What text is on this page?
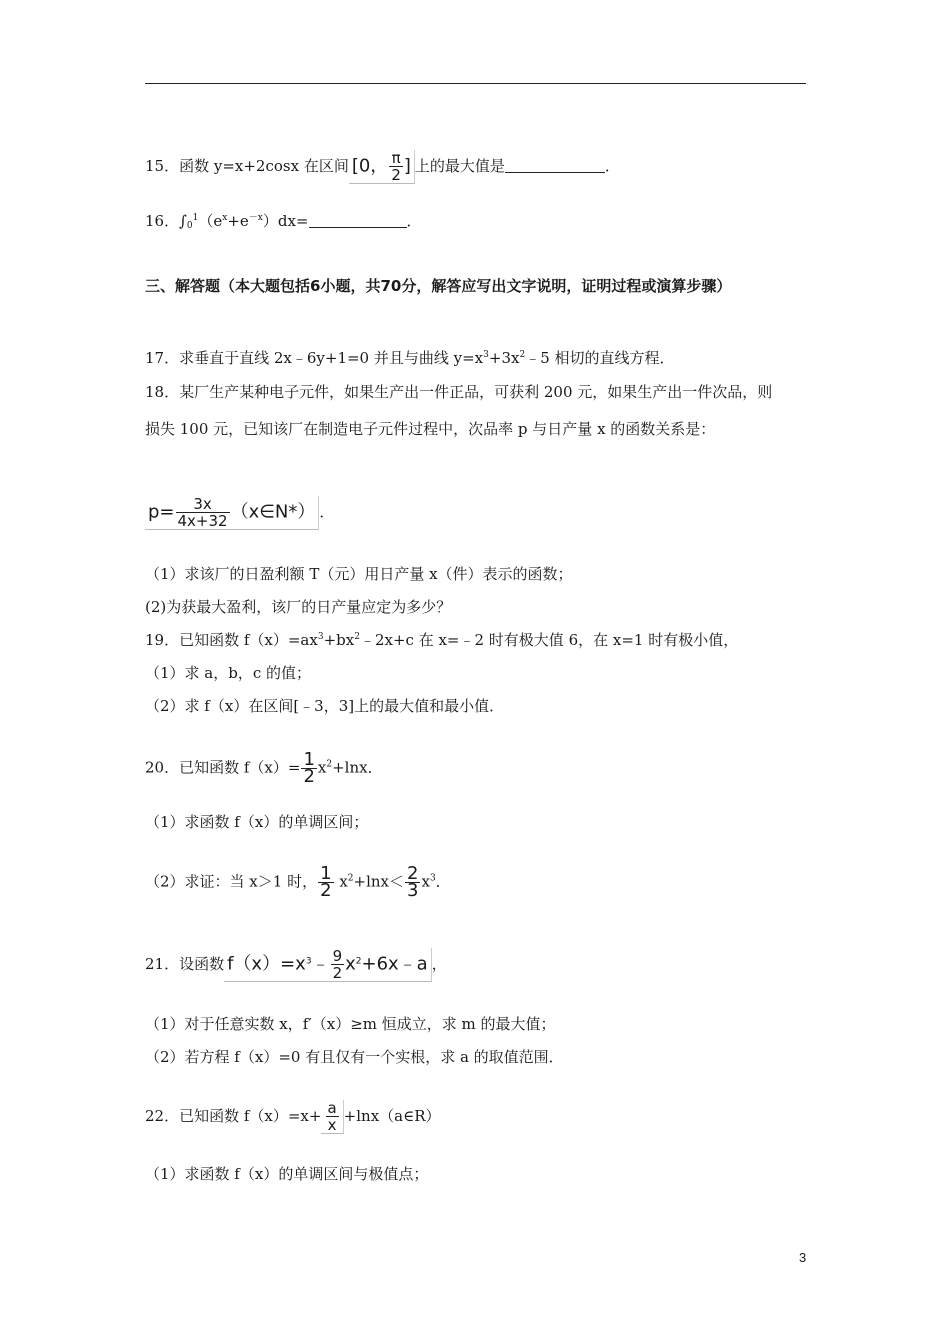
15．函数 y=x+2cosx 在区间 [0， $\frac{\pi}{2}$ ] 上的最大值是	．
16．$\int_0^1(e^x+e^{-x})dx=$	．
三、解答题（本大题包括6小题，共70分，解答应写出文字说明，证明过程或演算步骤）
17．求垂直于直线 2x﹣6y+1=0 并且与曲线 $y=x^3+3x^2﹣5$ 相切的直线方程．
18．某厂生产某种电子元件，如果生产出一件正品，可获利 200 元，如果生产出一件次品，则
损失 100 元，已知该厂在制造电子元件过程中，次品率 p 与日产量 x 的函数关系是：
$p= \frac{3x}{4x+32}$ （x∈N*） ．
（1）求该厂的日盈利额 T（元）用日产量 x（件）表示的函数；
(2)为获最大盈利，该厂的日产量应定为多少？
19．已知函数 $f(x)=ax^3+bx^2﹣2x+c$ 在 x=﹣2 时有极大值 6，在 x=1 时有极小值，
（1）求 a，b，c 的值；
（2）求 f（x）在区间[﹣3，3]上的最大值和最小值．
20．已知函数 $f(x)= \frac{1}{2} x^2+\ln x$．
（1）求函数 f（x）的单调区间；
（2）求证：当 x＞1 时， $\frac{1}{2} x^2+\ln x< \frac{2}{3} x^3$．
21．设函数 $f(x)=x^3﹣ \frac{9}{2}$ $x^2+6x﹣a$ ，
（1）对于任意实数 x，f′（x）≥m 恒成立，求 m 的最大值；
（2）若方程 f（x）=0 有且仅有一个实根，求 a 的取值范围．
22．已知函数 $f(x)=x+ \frac{a}{x}$ +lnx（a∈R）
（1）求函数 f（x）的单调区间与极值点；
3
